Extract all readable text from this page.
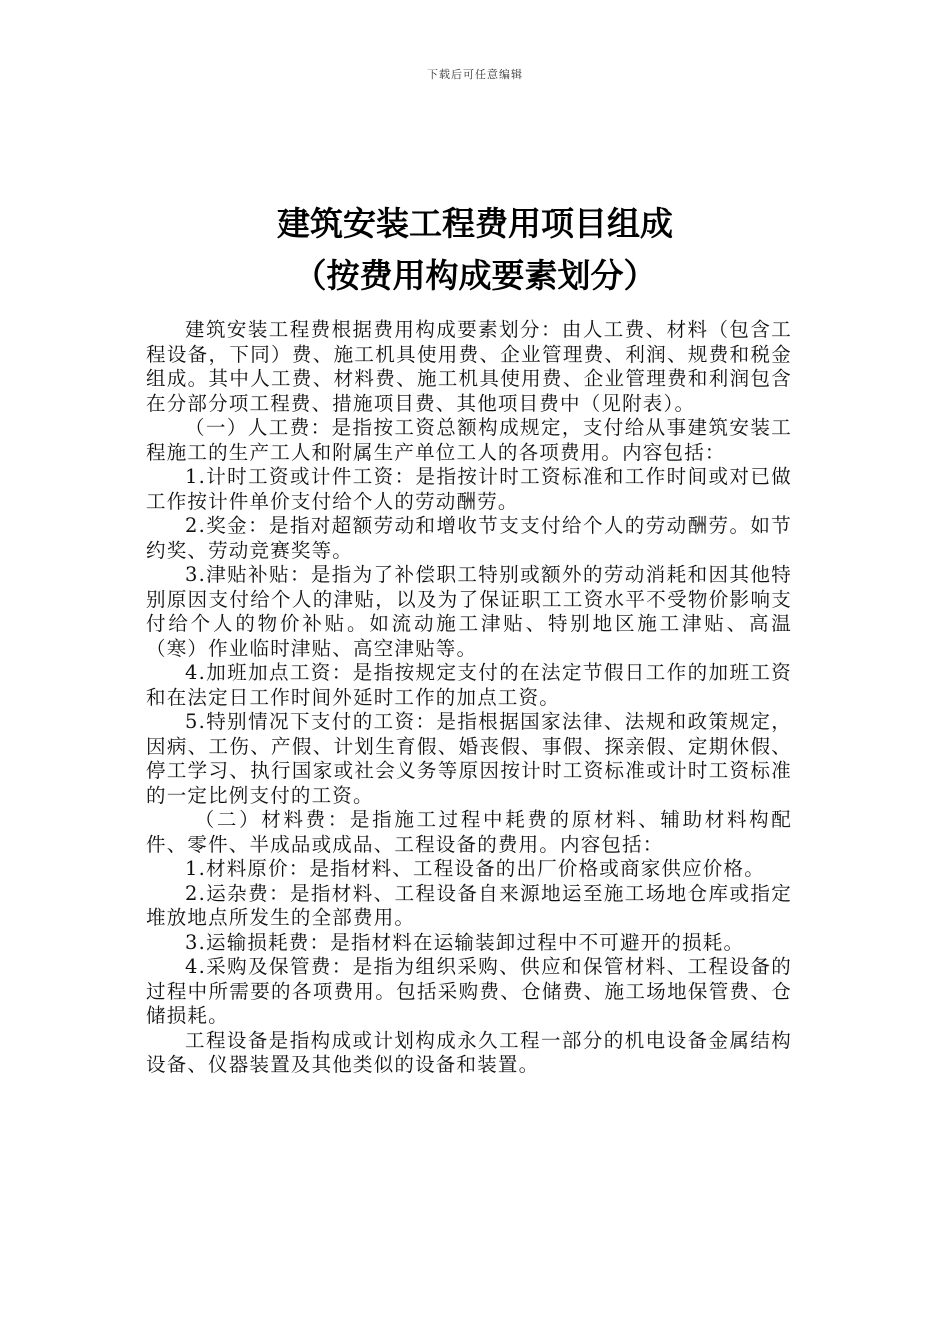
下载后可任意编辑
建筑安装工程费用项目组成
（按费用构成要素划分）

建筑安装工程费根据费用构成要素划分：由人工费、材料（包含工程设备，下同）费、施工机具使用费、企业管理费、利润、规费和税金组成。其中人工费、材料费、施工机具使用费、企业管理费和利润包含在分部分项工程费、措施项目费、其他项目费中（见附表）。

（一）人工费：是指按工资总额构成规定，支付给从事建筑安装工程施工的生产工人和附属生产单位工人的各项费用。内容包括：

1.计时工资或计件工资：是指按计时工资标准和工作时间或对已做工作按计件单价支付给个人的劳动酬劳。

2.奖金：是指对超额劳动和增收节支支付给个人的劳动酬劳。如节约奖、劳动竞赛奖等。

3.津贴补贴：是指为了补偿职工特别或额外的劳动消耗和因其他特别原因支付给个人的津贴，以及为了保证职工工资水平不受物价影响支付给个人的物价补贴。如流动施工津贴、特别地区施工津贴、高温（寒）作业临时津贴、高空津贴等。

4.加班加点工资：是指按规定支付的在法定节假日工作的加班工资和在法定日工作时间外延时工作的加点工资。

5.特别情况下支付的工资：是指根据国家法律、法规和政策规定，因病、工伤、产假、计划生育假、婚丧假、事假、探亲假、定期休假、停工学习、执行国家或社会义务等原因按计时工资标准或计时工资标准的一定比例支付的工资。

（二）材料费：是指施工过程中耗费的原材料、辅助材料构配件、零件、半成品或成品、工程设备的费用。内容包括：

1.材料原价：是指材料、工程设备的出厂价格或商家供应价格。

2.运杂费：是指材料、工程设备自来源地运至施工场地仓库或指定堆放地点所发生的全部费用。

3.运输损耗费：是指材料在运输装卸过程中不可避开的损耗。

4.采购及保管费：是指为组织采购、供应和保管材料、工程设备的过程中所需要的各项费用。包括采购费、仓储费、施工场地保管费、仓储损耗。

工程设备是指构成或计划构成永久工程一部分的机电设备金属结构设备、仪器装置及其他类似的设备和装置。
